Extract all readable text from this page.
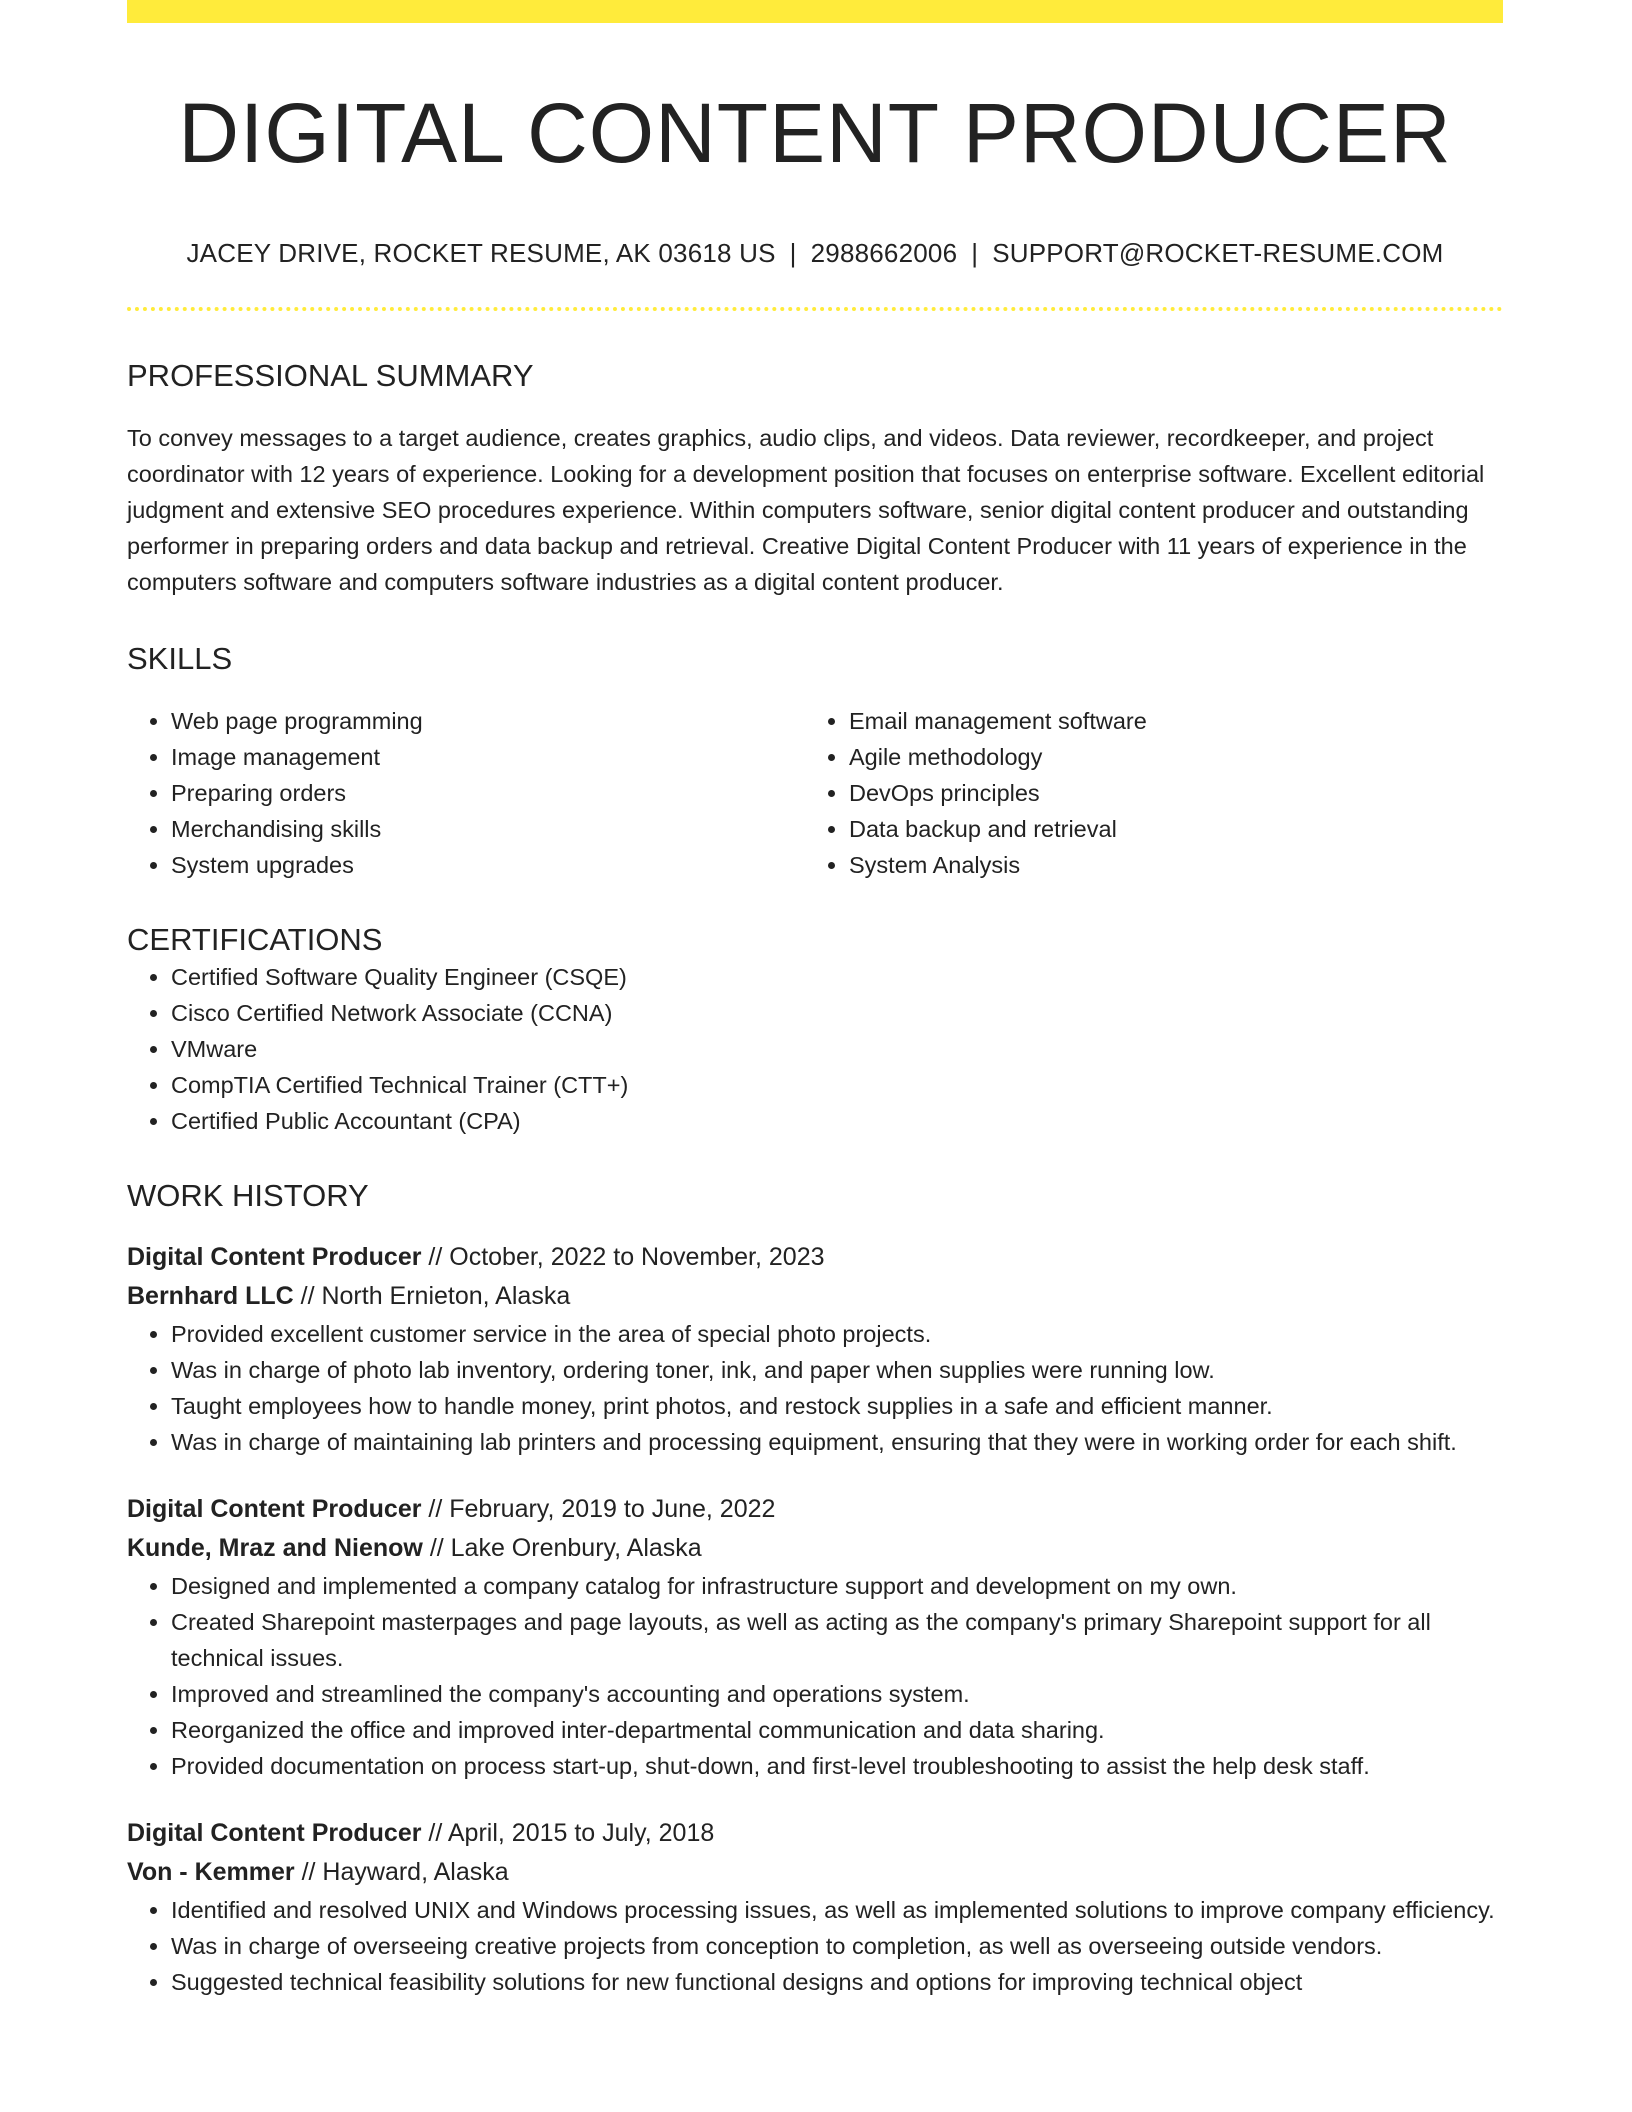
DIGITAL CONTENT PRODUCER
JACEY DRIVE, ROCKET RESUME, AK 03618 US | 2988662006 | SUPPORT@ROCKET-RESUME.COM
PROFESSIONAL SUMMARY

To convey messages to a target audience, creates graphics, audio clips, and videos. Data reviewer, recordkeeper, and project coordinator with 12 years of experience. Looking for a development position that focuses on enterprise software. Excellent editorial judgment and extensive SEO procedures experience. Within computers software, senior digital content producer and outstanding performer in preparing orders and data backup and retrieval. Creative Digital Content Producer with 11 years of experience in the computers software and computers software industries as a digital content producer.

SKILLS
• Web page programming
• Image management
• Preparing orders
• Merchandising skills
• System upgrades
• Email management software
• Agile methodology
• DevOps principles
• Data backup and retrieval
• System Analysis
CERTIFICATIONS
• Certified Software Quality Engineer (CSQE)
• Cisco Certified Network Associate (CCNA)
• VMware
• CompTIA Certified Technical Trainer (CTT+)
• Certified Public Accountant (CPA)
WORK HISTORY
Digital Content Producer // October, 2022 to November, 2023
Bernhard LLC // North Ernieton, Alaska
• Provided excellent customer service in the area of special photo projects.
• Was in charge of photo lab inventory, ordering toner, ink, and paper when supplies were running low.
• Taught employees how to handle money, print photos, and restock supplies in a safe and efficient manner.
• Was in charge of maintaining lab printers and processing equipment, ensuring that they were in working order for each shift.
Digital Content Producer // February, 2019 to June, 2022
Kunde, Mraz and Nienow // Lake Orenbury, Alaska
• Designed and implemented a company catalog for infrastructure support and development on my own.
• Created Sharepoint masterpages and page layouts, as well as acting as the company's primary Sharepoint support for all technical issues.
• Improved and streamlined the company's accounting and operations system.
• Reorganized the office and improved inter-departmental communication and data sharing.
• Provided documentation on process start-up, shut-down, and first-level troubleshooting to assist the help desk staff.
Digital Content Producer // April, 2015 to July, 2018
Von - Kemmer // Hayward, Alaska
• Identified and resolved UNIX and Windows processing issues, as well as implemented solutions to improve company efficiency.
• Was in charge of overseeing creative projects from conception to completion, as well as overseeing outside vendors.
• Suggested technical feasibility solutions for new functional designs and options for improving technical object
